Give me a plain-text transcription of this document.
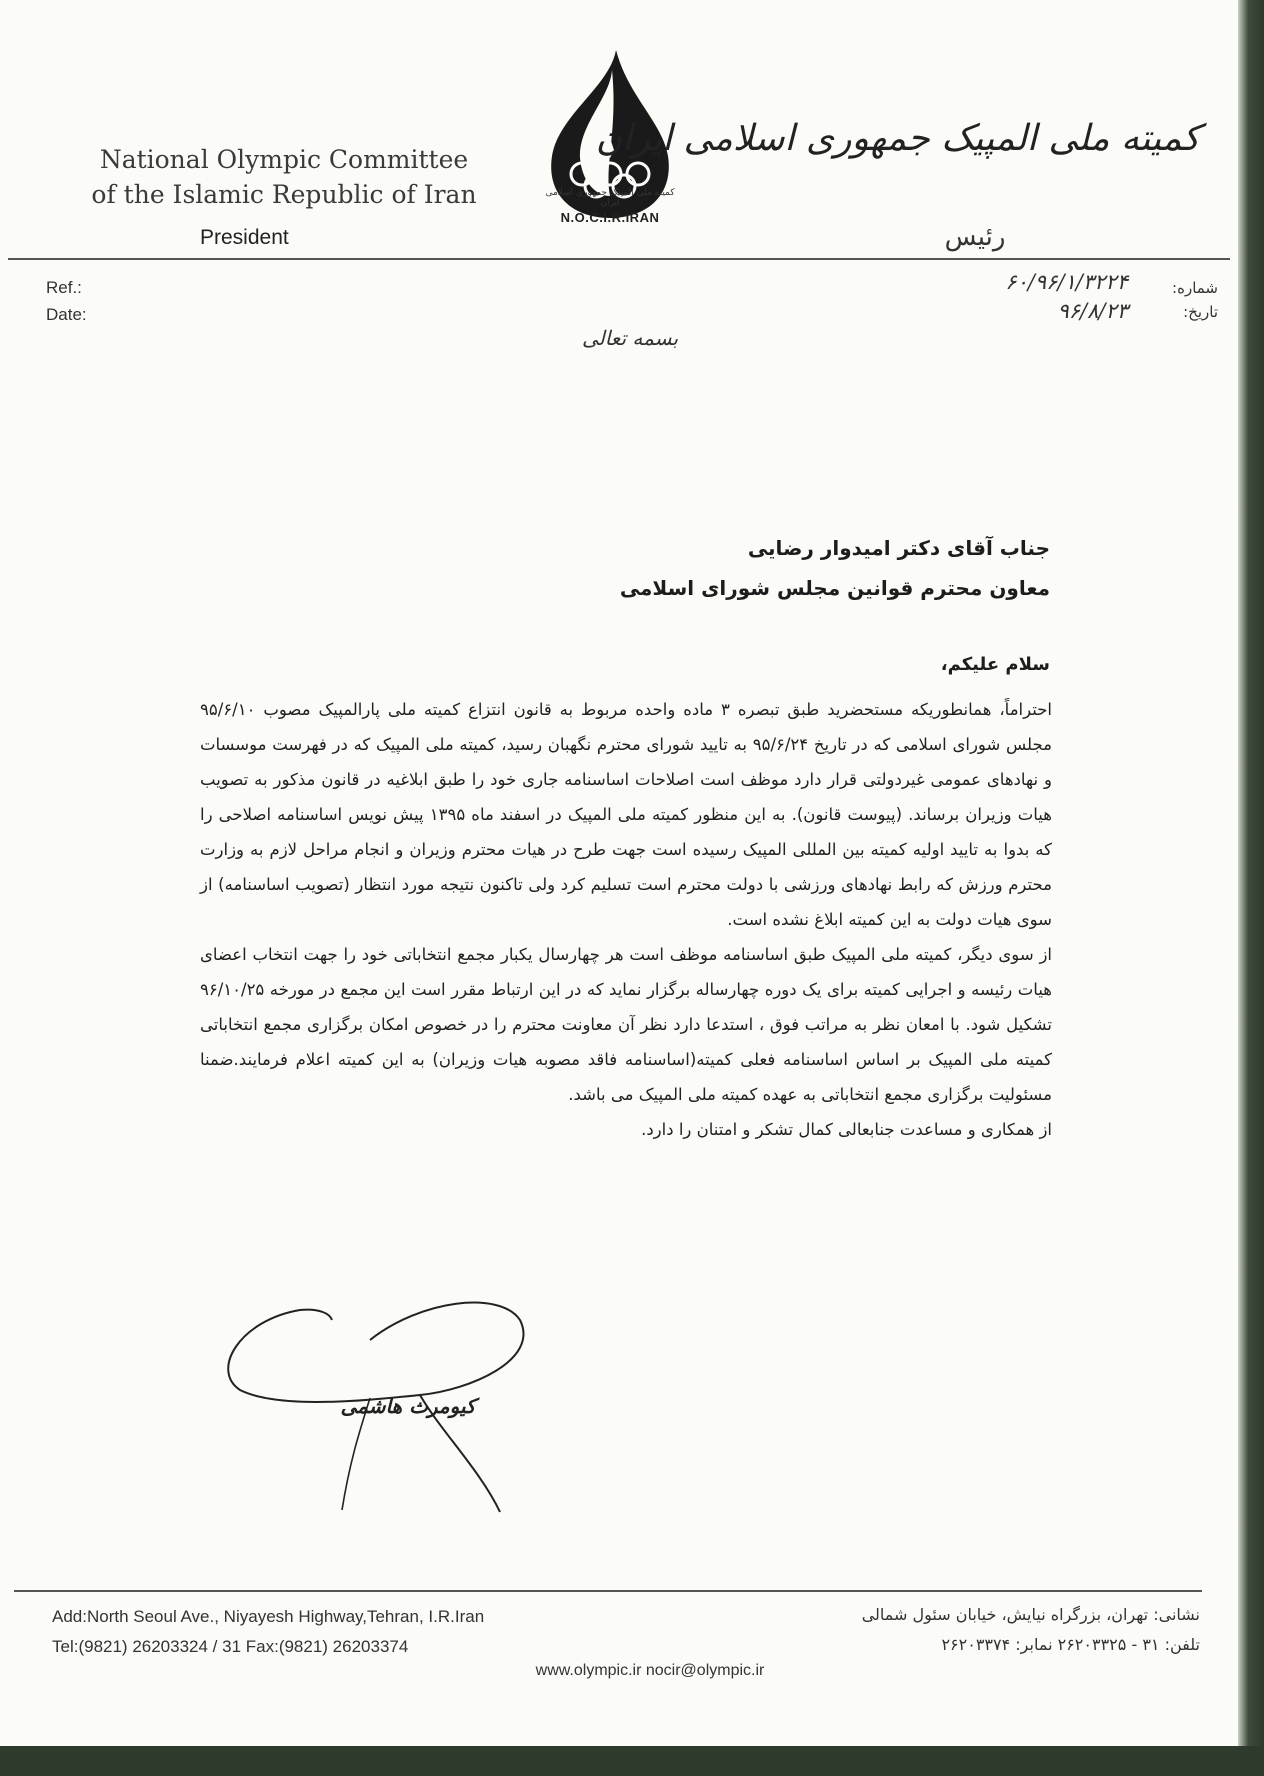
National Olympic Committee
of the Islamic Republic of Iran
President
کمیته ملی المپیک جمهوری اسلامی ایران
N.O.C.I.R.IRAN
کمیته ملی المپیک جمهوری اسلامی ایران
رئیس
Ref.:
Date:
شماره:
تاریخ:
۶۰/۹۶/۱/۳۲۲۴
۹۶/۸/۲۳
بسمه تعالی
جناب آقای دکتر امیدوار رضایی
معاون محترم قوانین مجلس شورای اسلامی
سلام علیکم،

احتراماً، همانطوریکه مستحضرید طبق تبصره ۳ ماده واحده مربوط به قانون انتزاع کمیته ملی پارالمپیک مصوب ۹۵/۶/۱۰ مجلس شورای اسلامی که در تاریخ ۹۵/۶/۲۴ به تایید شورای محترم نگهبان رسید، کمیته ملی المپیک که در فهرست موسسات و نهادهای عمومی غیردولتی قرار دارد موظف است اصلاحات اساسنامه جاری خود را طبق ابلاغیه در قانون مذکور به تصویب هیات وزیران برساند. (پیوست قانون). به این منظور کمیته ملی المپیک در اسفند ماه ۱۳۹۵ پیش نویس اساسنامه اصلاحی را که بدوا به تایید اولیه کمیته بین المللی المپیک رسیده است جهت طرح در هیات محترم وزیران و انجام مراحل لازم به وزارت محترم ورزش که رابط نهادهای ورزشی با دولت محترم است تسلیم کرد ولی تاکنون نتیجه مورد انتظار (تصویب اساسنامه) از سوی هیات دولت به این کمیته ابلاغ نشده است.

از سوی دیگر، کمیته ملی المپیک طبق اساسنامه موظف است هر چهارسال یکبار مجمع انتخاباتی خود را جهت انتخاب اعضای هیات رئیسه و اجرایی کمیته برای یک دوره چهارساله برگزار نماید که در این ارتباط مقرر است این مجمع در مورخه ۹۶/۱۰/۲۵ تشکیل شود. با امعان نظر به مراتب فوق ، استدعا دارد نظر آن معاونت محترم را در خصوص امکان برگزاری مجمع انتخاباتی کمیته ملی المپیک بر اساس اساسنامه فعلی کمیته(اساسنامه فاقد مصوبه هیات وزیران) به این کمیته اعلام فرمایند.ضمنا مسئولیت برگزاری مجمع انتخاباتی به عهده کمیته ملی المپیک می باشد.

از همکاری و مساعدت جنابعالی کمال تشکر و امتنان را دارد.

کیومرث هاشمی
Add:North Seoul Ave., Niyayesh Highway,Tehran, I.R.Iran
Tel:(9821) 26203324 / 31 Fax:(9821) 26203374
نشانی: تهران، بزرگراه نیایش، خیابان سئول شمالی
تلفن: ۳۱ - ۲۶۲۰۳۳۲۵ نمابر: ۲۶۲۰۳۳۷۴
www.olympic.ir nocir@olympic.ir
